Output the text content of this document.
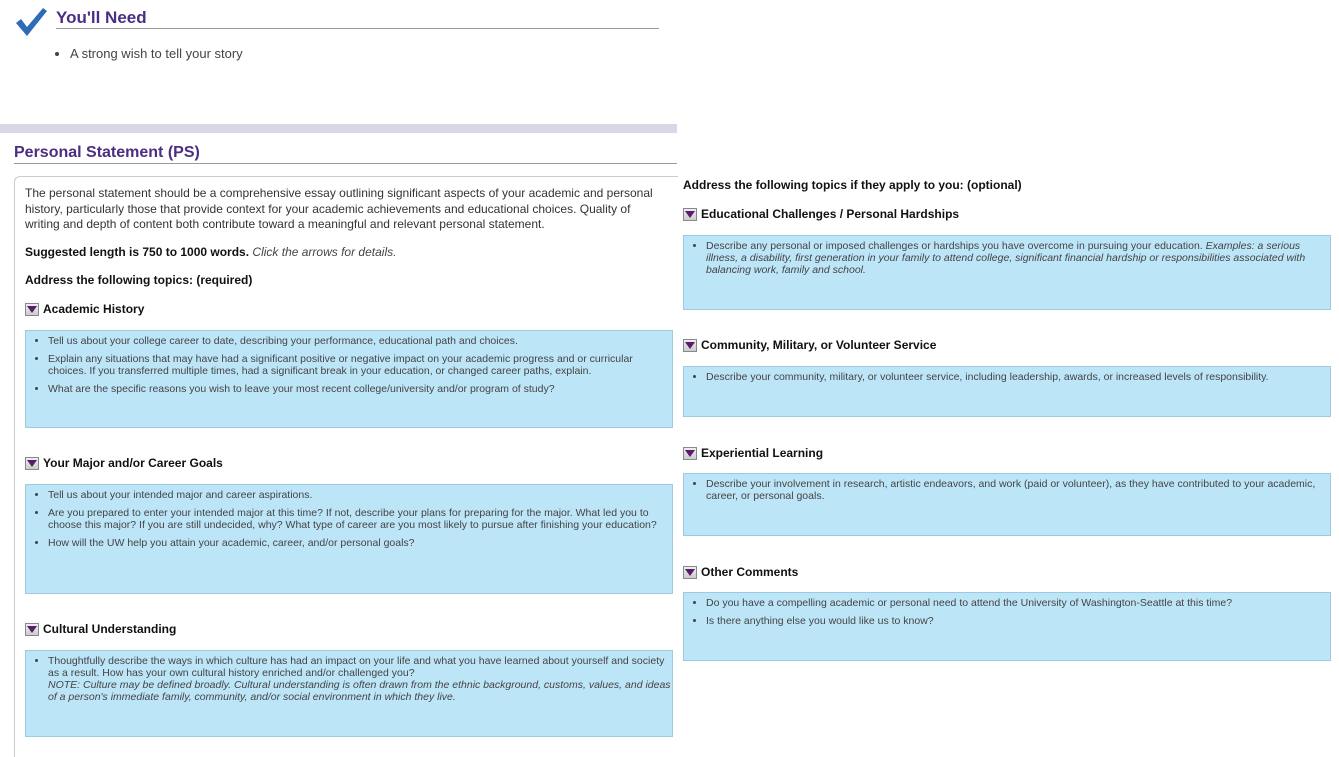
You'll Need
• A strong wish to tell your story
Personal Statement (PS)

The personal statement should be a comprehensive essay outlining significant aspects of your academic and personal history, particularly those that provide context for your academic achievements and educational choices. Quality of writing and depth of content both contribute toward a meaningful and relevant personal statement.

Suggested length is 750 to 1000 words. Click the arrows for details.
Address the following topics: (required)
Address the following topics if they apply to you: (optional)
Academic History
• Tell us about your college career to date, describing your performance, educational path and choices.
• Explain any situations that may have had a significant positive or negative impact on your academic progress and or curricular choices. If you transferred multiple times, had a significant break in your education, or changed career paths, explain.
• What are the specific reasons you wish to leave your most recent college/university and/or program of study?
Your Major and/or Career Goals
• Tell us about your intended major and career aspirations.
• Are you prepared to enter your intended major at this time? If not, describe your plans for preparing for the major. What led you to choose this major? If you are still undecided, why? What type of career are you most likely to pursue after finishing your education?
• How will the UW help you attain your academic, career, and/or personal goals?
Cultural Understanding
• Thoughtfully describe the ways in which culture has had an impact on your life and what you have learned about yourself and society as a result. How has your own cultural history enriched and/or challenged you?
NOTE: Culture may be defined broadly. Cultural understanding is often drawn from the ethnic background, customs, values, and ideas of a person's immediate family, community, and/or social environment in which they live.
Educational Challenges / Personal Hardships
• Describe any personal or imposed challenges or hardships you have overcome in pursuing your education. Examples: a serious illness, a disability, first generation in your family to attend college, significant financial hardship or responsibilities associated with balancing work, family and school.
Community, Military, or Volunteer Service
• Describe your community, military, or volunteer service, including leadership, awards, or increased levels of responsibility.
Experiential Learning
• Describe your involvement in research, artistic endeavors, and work (paid or volunteer), as they have contributed to your academic, career, or personal goals.
Other Comments
• Do you have a compelling academic or personal need to attend the University of Washington-Seattle at this time?
• Is there anything else you would like us to know?
